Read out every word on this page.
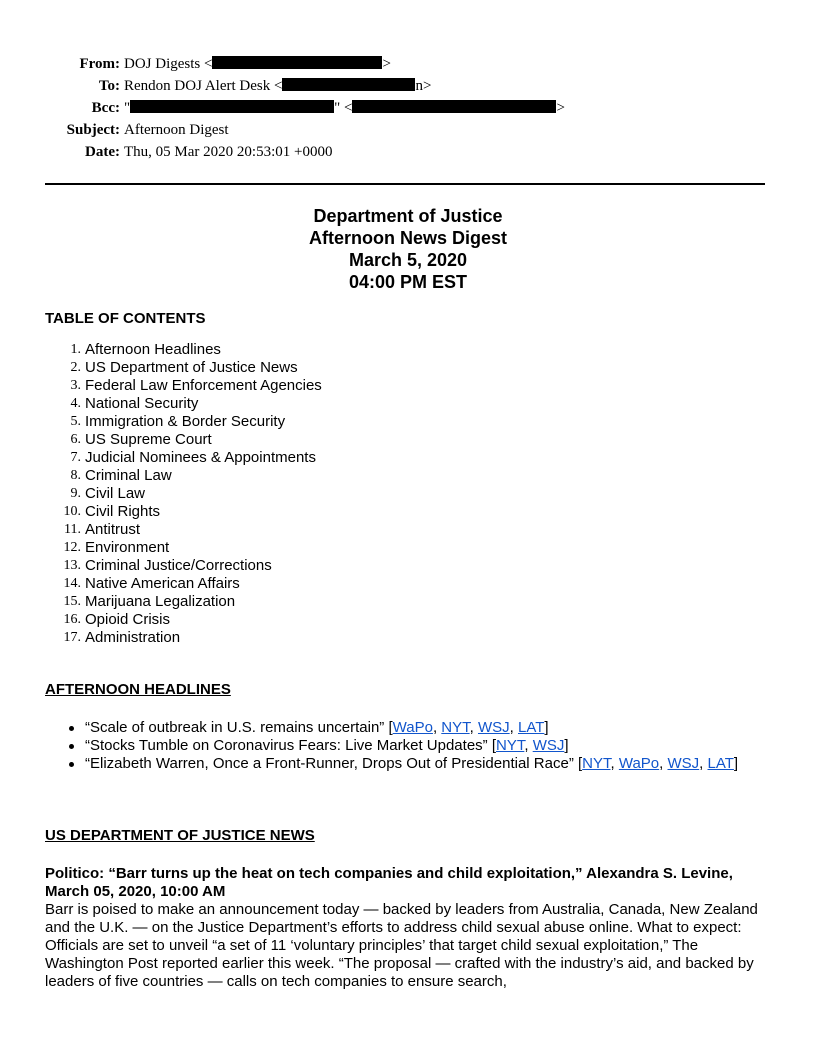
From: DOJ Digests <	>
To: Rendon DOJ Alert Desk <	n>
Bcc: "	" <	>
Subject: Afternoon Digest
Date: Thu, 05 Mar 2020 20:53:01 +0000
Department of Justice
Afternoon News Digest
March 5, 2020
04:00 PM EST
TABLE OF CONTENTS
1. Afternoon Headlines
2. US Department of Justice News
3. Federal Law Enforcement Agencies
4. National Security
5. Immigration & Border Security
6. US Supreme Court
7. Judicial Nominees & Appointments
8. Criminal Law
9. Civil Law
10. Civil Rights
11. Antitrust
12. Environment
13. Criminal Justice/Corrections
14. Native American Affairs
15. Marijuana Legalization
16. Opioid Crisis
17. Administration
AFTERNOON HEADLINES
“Scale of outbreak in U.S. remains uncertain” [WaPo, NYT, WSJ, LAT]
“Stocks Tumble on Coronavirus Fears: Live Market Updates” [NYT, WSJ]
“Elizabeth Warren, Once a Front-Runner, Drops Out of Presidential Race” [NYT, WaPo, WSJ, LAT]
US DEPARTMENT OF JUSTICE NEWS
Politico: “Barr turns up the heat on tech companies and child exploitation,” Alexandra S. Levine, March 05, 2020, 10:00 AM
Barr is poised to make an announcement today — backed by leaders from Australia, Canada, New Zealand and the U.K. — on the Justice Department’s efforts to address child sexual abuse online. What to expect: Officials are set to unveil “a set of 11 ‘voluntary principles’ that target child sexual exploitation,” The Washington Post reported earlier this week. “The proposal — crafted with the industry’s aid, and backed by leaders of five countries — calls on tech companies to ensure search,
